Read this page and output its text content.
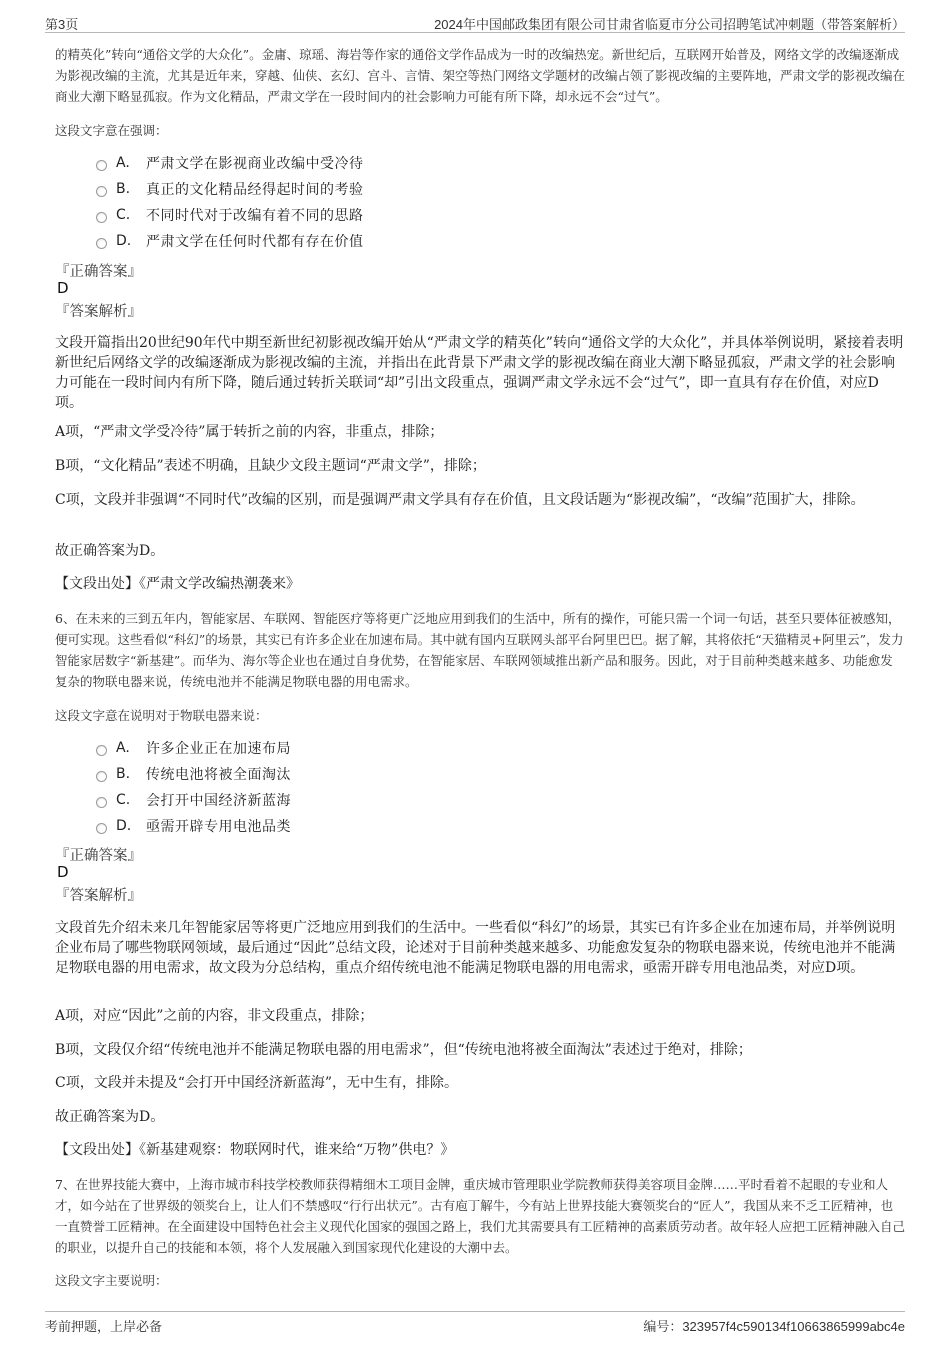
第3页	2024年中国邮政集团有限公司甘肃省临夏市分公司招聘笔试冲刺题（带答案解析）
的精英化”转向“通俗文学的大众化”。金庸、琼瑶、海岩等作家的通俗文学作品成为一时的改编热宠。新世纪后，互联网开始普及，网络文学的改编逐渐成为影视改编的主流，尤其是近年来，穿越、仙侠、玄幻、宫斗、言情、架空等热门网络文学题材的改编占领了影视改编的主要阵地，严肃文学的影视改编在商业大潮下略显孤寂。作为文化精品，严肃文学在一段时间内的社会影响力可能有所下降，却永远不会“过气”。
这段文字意在强调：
A.	严肃文学在影视商业改编中受冷待
B.	真正的文化精品经得起时间的考验
C.	不同时代对于改编有着不同的思路
D.	严肃文学在任何时代都有存在价值
『正确答案』
D
『答案解析』
文段开篇指出20世纪90年代中期至新世纪初影视改编开始从“严肃文学的精英化”转向“通俗文学的大众化”，并具体举例说明，紧接着表明新世纪后网络文学的改编逐渐成为影视改编的主流，并指出在此背景下严肃文学的影视改编在商业大潮下略显孤寂，严肃文学的社会影响力可能在一段时间内有所下降，随后通过转折关联词“却”引出文段重点，强调严肃文学永远不会“过气”，即一直具有存在价值，对应D项。
A项，“严肃文学受冷待”属于转折之前的内容，非重点，排除；
B项，“文化精品”表述不明确，且缺少文段主题词“严肃文学”，排除；
C项，文段并非强调“不同时代”改编的区别，而是强调严肃文学具有存在价值，且文段话题为“影视改编”，“改编”范围扩大，排除。
故正确答案为D。
【文段出处】《严肃文学改编热潮袭来》
6、在未来的三到五年内，智能家居、车联网、智能医疗等将更广泛地应用到我们的生活中，所有的操作，可能只需一个词一句话，甚至只要体征被感知，便可实现。这些看似“科幻”的场景，其实已有许多企业在加速布局。其中就有国内互联网头部平台阿里巴巴。据了解，其将依托“天猫精灵+阿里云”，发力智能家居数字“新基建”。而华为、海尔等企业也在通过自身优势，在智能家居、车联网领域推出新产品和服务。因此，对于目前种类越来越多、功能愈发复杂的物联电器来说，传统电池并不能满足物联电器的用电需求。
这段文字意在说明对于物联电器来说：
A.	许多企业正在加速布局
B.	传统电池将被全面淘汰
C.	会打开中国经济新蓝海
D.	亟需开辟专用电池品类
『正确答案』
D
『答案解析』
文段首先介绍未来几年智能家居等将更广泛地应用到我们的生活中。一些看似“科幻”的场景，其实已有许多企业在加速布局，并举例说明企业布局了哪些物联网领域，最后通过“因此”总结文段，论述对于目前种类越来越多、功能愈发复杂的物联电器来说，传统电池并不能满足物联电器的用电需求，故文段为分总结构，重点介绍传统电池不能满足物联电器的用电需求，亟需开辟专用电池品类，对应D项。
A项，对应“因此”之前的内容，非文段重点，排除；
B项，文段仅介绍“传统电池并不能满足物联电器的用电需求”，但“传统电池将被全面淘汰”表述过于绝对，排除；
C项，文段并未提及“会打开中国经济新蓝海”，无中生有，排除。
故正确答案为D。
【文段出处】《新基建观察：物联网时代，谁来给“万物”供电？》
7、在世界技能大赛中，上海市城市科技学校教师获得精细木工项目金牌，重庆城市管理职业学院教师获得美容项目金牌……平时看着不起眼的专业和人才，如今站在了世界级的领奖台上，让人们不禁感叹“行行出状元”。古有庖丁解牛，今有站上世界技能大赛领奖台的“匠人”，我国从来不乏工匠精神，也一直赞誉工匠精神。在全面建设中国特色社会主义现代化国家的强国之路上，我们尤其需要具有工匠精神的高素质劳动者。故年轻人应把工匠精神融入自己的职业，以提升自己的技能和本领，将个人发展融入到国家现代化建设的大潮中去。
这段文字主要说明：
考前押题，上岸必备	编号：323957f4c590134f10663865999abc4e
